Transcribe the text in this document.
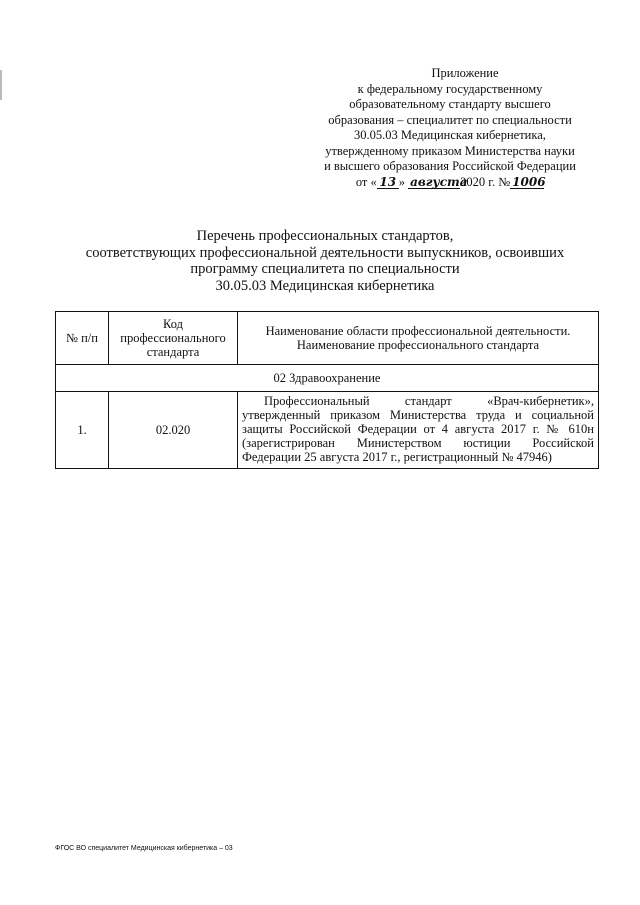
Приложение
к федеральному государственному
образовательному стандарту высшего
образования – специалитет по специальности
30.05.03 Медицинская кибернетика,
утвержденному приказом Министерства науки
и высшего образования Российской Федерации
от « 13 » августа2020 г. № 1006
Перечень профессиональных стандартов,
соответствующих профессиональной деятельности выпускников, освоивших
программу специалитета по специальности
30.05.03 Медицинская кибернетика
№ п/п	Код профессионального стандарта	Наименование области профессиональной деятельности.
Наименование профессионального стандарта
02 Здравоохранение		
1.	02.020	Профессиональный стандарт «Врач-кибернетик», утвержденный приказом Министерства труда и социальной защиты Российской Федерации от 4 августа 2017 г. № 610н (зарегистрирован Министерством юстиции Российской Федерации 25 августа 2017 г., регистрационный № 47946)
ФГОС ВО специалитет Медицинская кибернетика – 03
